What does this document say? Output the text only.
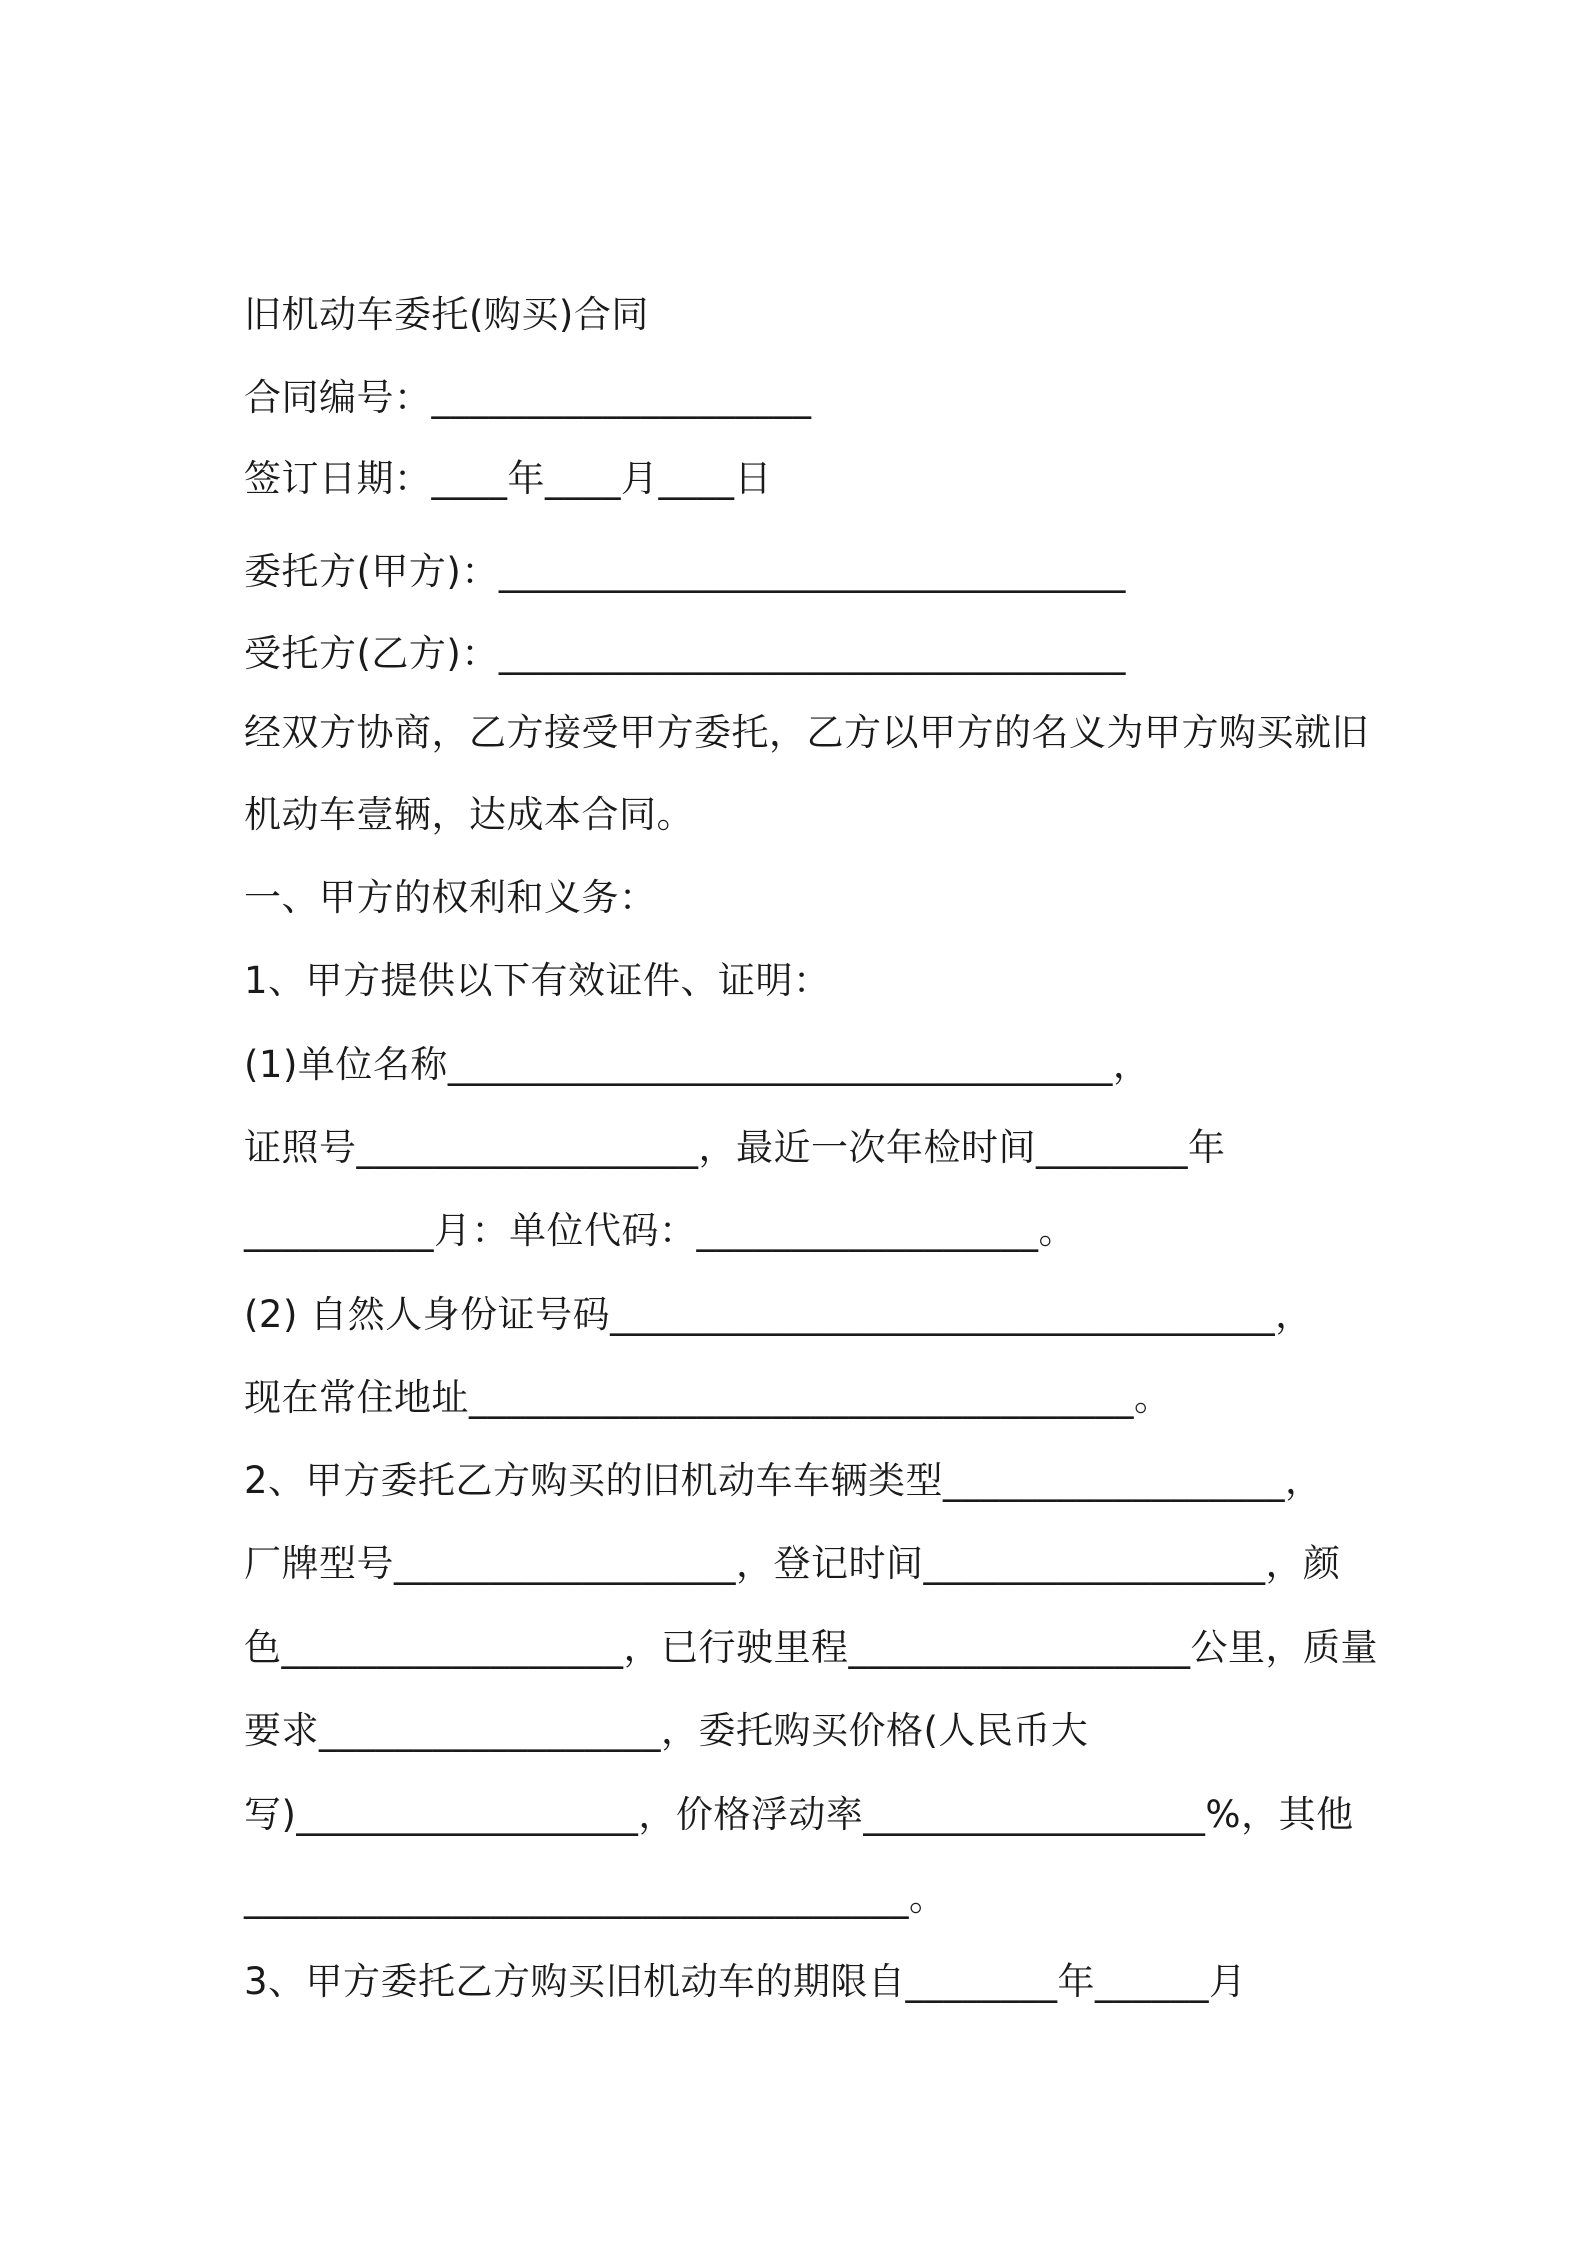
旧机动车委托(购买)合同
合同编号：____________________
签订日期：____年____月____日
委托方(甲方)：_________________________________
受托方(乙方)：_________________________________
经双方协商，乙方接受甲方委托，乙方以甲方的名义为甲方购买就旧
机动车壹辆，达成本合同。
一、甲方的权利和义务：
1、甲方提供以下有效证件、证明：
(1)单位名称___________________________________，
证照号__________________，最近一次年检时间________年
__________月：单位代码：__________________。
(2) 自然人身份证号码___________________________________，
现在常住地址___________________________________。
2、甲方委托乙方购买的旧机动车车辆类型__________________，
厂牌型号__________________，登记时间__________________，颜
色__________________，已行驶里程__________________公里，质量
要求__________________，委托购买价格(人民币大
写)__________________，价格浮动率__________________%，其他
___________________________________。
3、甲方委托乙方购买旧机动车的期限自________年______月
